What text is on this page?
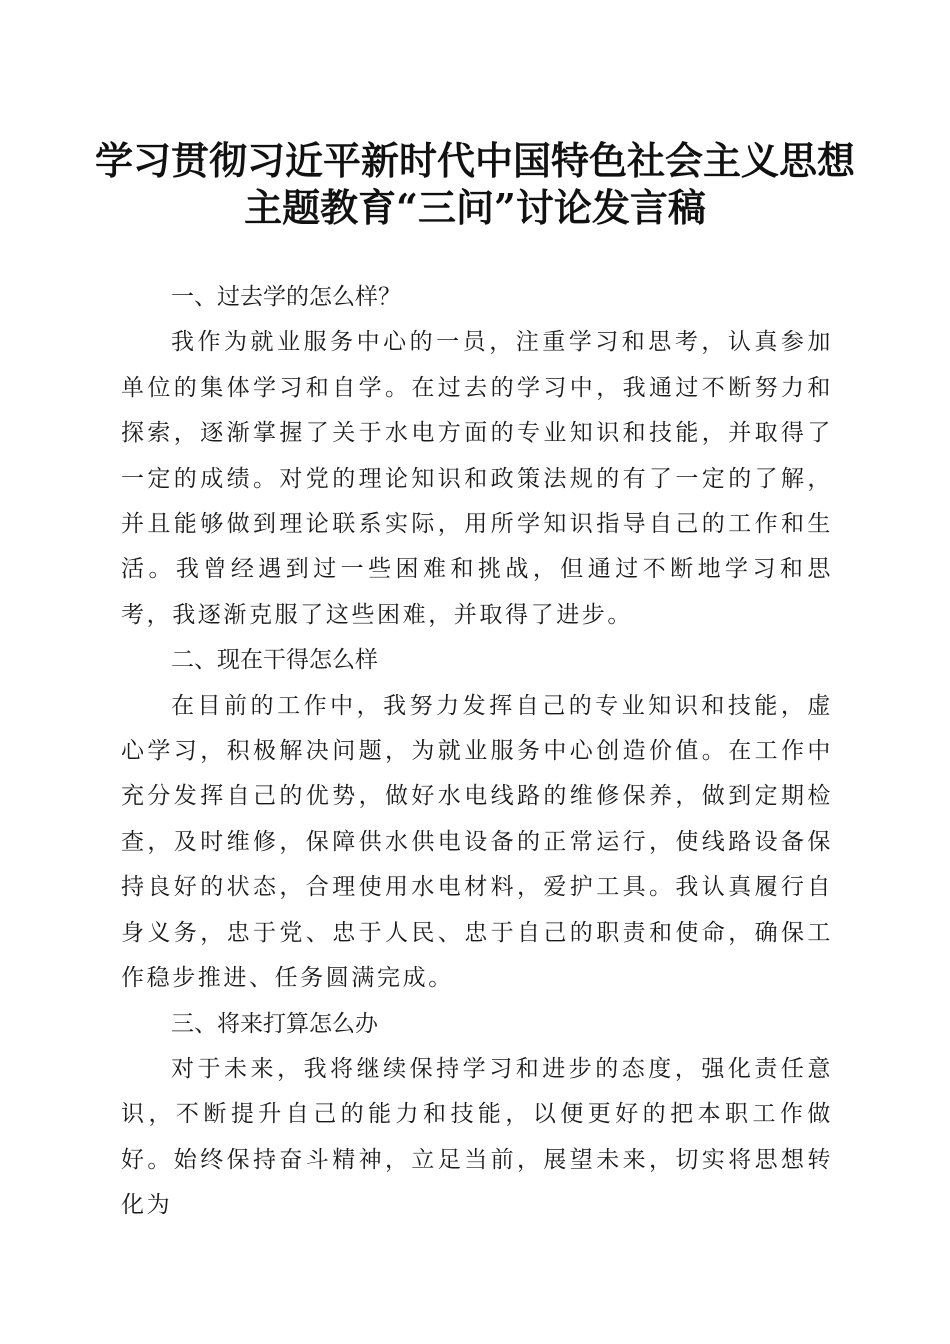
学习贯彻习近平新时代中国特色社会主义思想
主题教育“三问”讨论发言稿
一、过去学的怎么样？

我作为就业服务中心的一员，注重学习和思考，认真参加单位的集体学习和自学。在过去的学习中，我通过不断努力和探索，逐渐掌握了关于水电方面的专业知识和技能，并取得了一定的成绩。对党的理论知识和政策法规的有了一定的了解，并且能够做到理论联系实际，用所学知识指导自己的工作和生活。我曾经遇到过一些困难和挑战，但通过不断地学习和思考，我逐渐克服了这些困难，并取得了进步。

二、现在干得怎么样

在目前的工作中，我努力发挥自己的专业知识和技能，虚心学习，积极解决问题，为就业服务中心创造价值。在工作中充分发挥自己的优势，做好水电线路的维修保养，做到定期检查，及时维修，保障供水供电设备的正常运行，使线路设备保持良好的状态，合理使用水电材料，爱护工具。我认真履行自身义务，忠于党、忠于人民、忠于自己的职责和使命，确保工作稳步推进、任务圆满完成。

三、将来打算怎么办

对于未来，我将继续保持学习和进步的态度，强化责任意识，不断提升自己的能力和技能，以便更好的把本职工作做好。始终保持奋斗精神，立足当前，展望未来，切实将思想转化为
